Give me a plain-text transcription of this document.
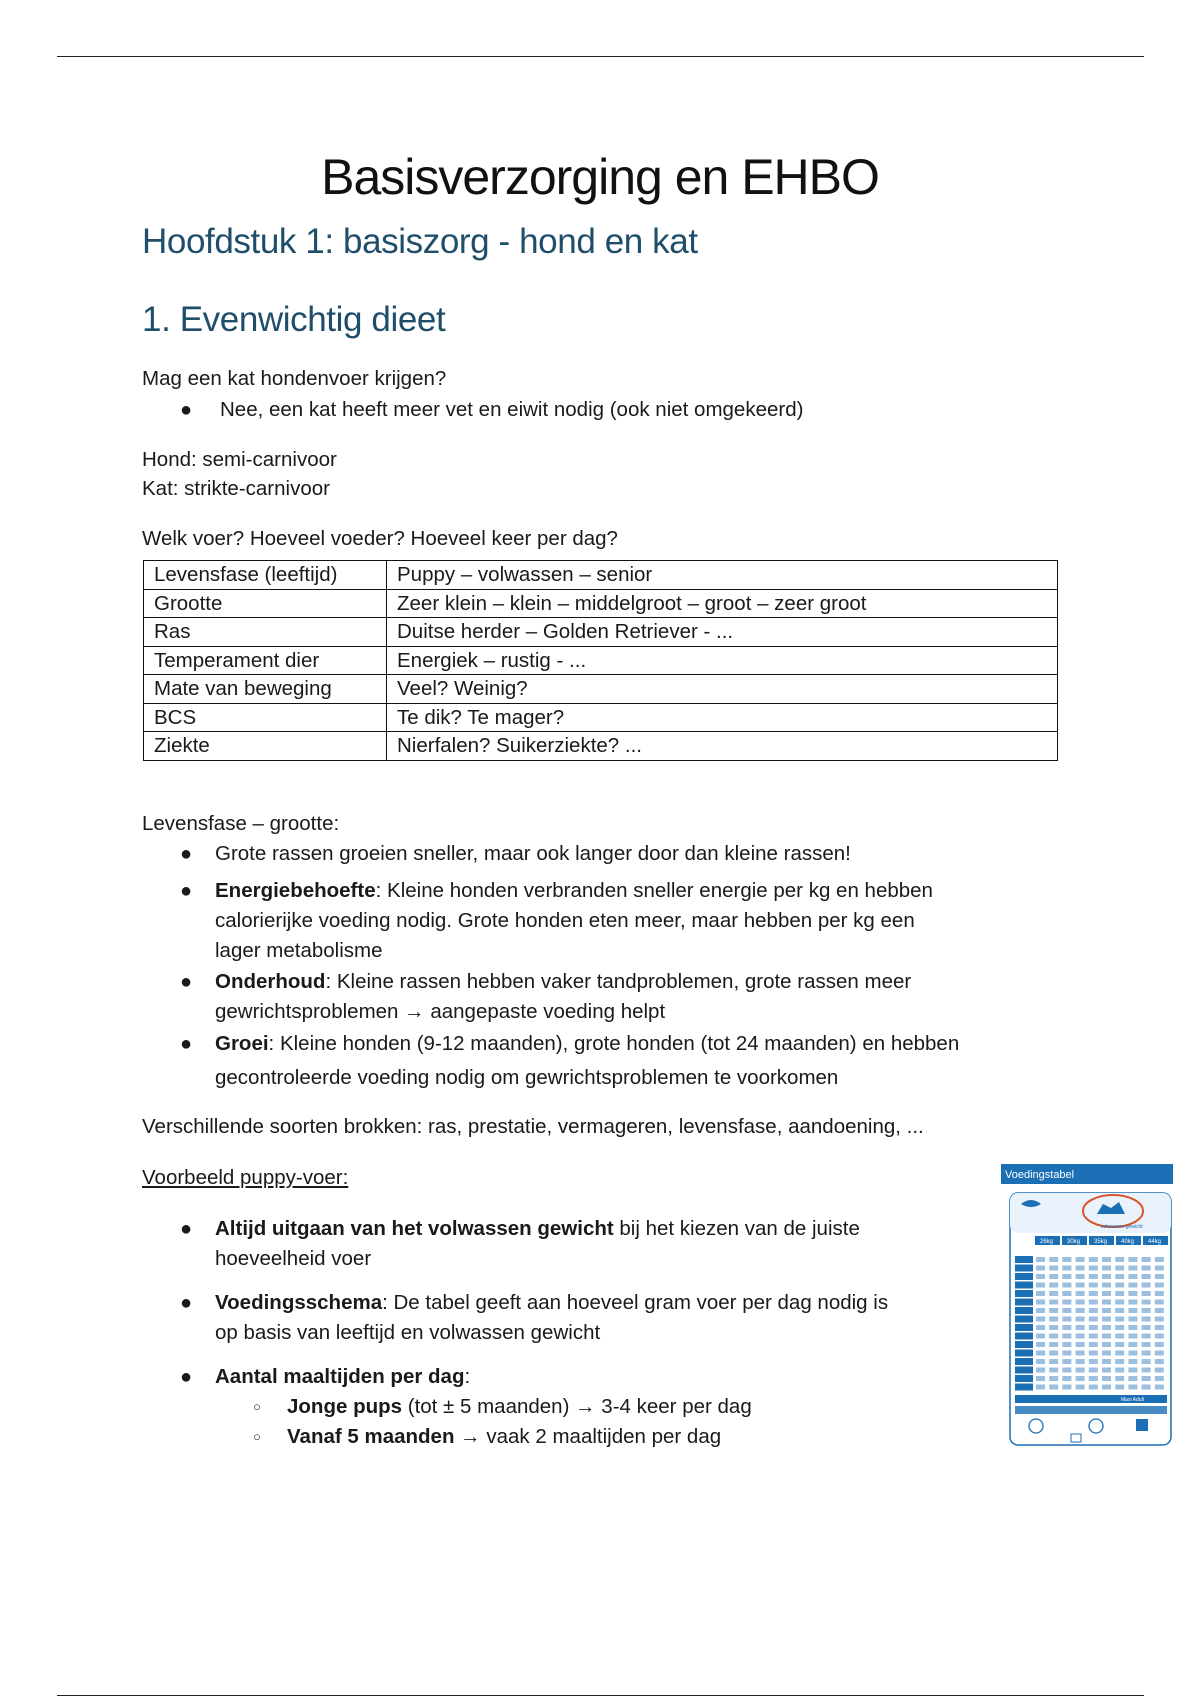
Basisverzorging en EHBO
Hoofdstuk 1: basiszorg - hond en kat
1. Evenwichtig dieet
Mag een kat hondenvoer krijgen?
● Nee, een kat heeft meer vet en eiwit nodig (ook niet omgekeerd)
Hond: semi-carnivoor
Kat: strikte-carnivoor
Welk voer? Hoeveel voeder? Hoeveel keer per dag?
Levensfase (leeftijd)	Puppy – volwassen – senior
Grootte	Zeer klein – klein – middelgroot – groot – zeer groot
Ras	Duitse herder – Golden Retriever - ...
Temperament dier	Energiek – rustig - ...
Mate van beweging	Veel? Weinig?
BCS	Te dik? Te mager?
Ziekte	Nierfalen? Suikerziekte? ...
Levensfase – grootte:
● Grote rassen groeien sneller, maar ook langer door dan kleine rassen!
● Energiebehoefte: Kleine honden verbranden sneller energie per kg en hebben
calorierijke voeding nodig. Grote honden eten meer, maar hebben per kg een
lager metabolisme
● Onderhoud: Kleine rassen hebben vaker tandproblemen, grote rassen meer
gewrichtsproblemen → aangepaste voeding helpt
● Groei: Kleine honden (9-12 maanden), grote honden (tot 24 maanden) en hebben
gecontroleerde voeding nodig om gewrichtsproblemen te voorkomen
Verschillende soorten brokken: ras, prestatie, vermageren, levensfase, aandoening, ...
Voorbeeld puppy-voer:
● Altijd uitgaan van het volwassen gewicht bij het kiezen van de juiste
hoeveelheid voer
● Voedingsschema: De tabel geeft aan hoeveel gram voer per dag nodig is
op basis van leeftijd en volwassen gewicht
● Aantal maaltijden per dag:
○ Jonge pups (tot ± 5 maanden) → 3-4 keer per dag
○ Vanaf 5 maanden → vaak 2 maaltijden per dag
Voedingstabel
volwassen gewicht
26kg 30kg 35kg 40kg 44kg
Maxi Adult
